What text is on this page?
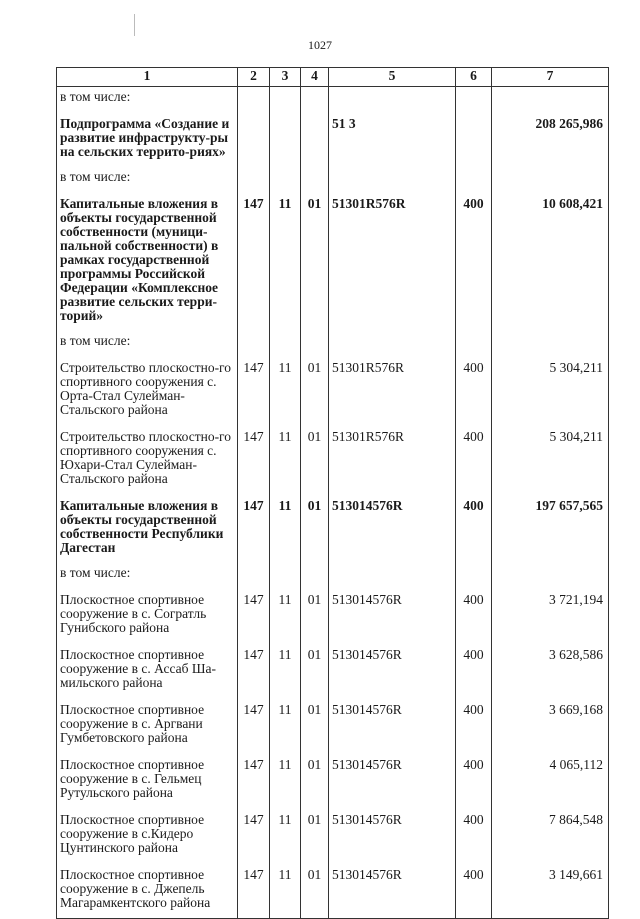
1027
1	2	3	4	5	6	7
в том числе:						
Подпрограмма «Создание и развитие инфраструкту-ры на сельских террито-риях»				51 3		208 265,986
в том числе:						
Капитальные вложения в объекты государственной собственности (муници-пальной собственности) в рамках государственной программы Российской Федерации «Комплексное развитие сельских терри-торий»	147	11	01	51301R576R	400	10 608,421
в том числе:						
Строительство плоскостно-го спортивного сооружения с. Орта-Стал Сулейман-Стальского района	147	11	01	51301R576R	400	5 304,211
Строительство плоскостно-го спортивного сооружения с. Юхари-Стал Сулейман-Стальского района	147	11	01	51301R576R	400	5 304,211
Капитальные вложения в объекты государственной собственности Республики Дагестан	147	11	01	513014576R	400	197 657,565
в том числе:						
Плоскостное спортивное сооружение в с. Согратль Гунибского района	147	11	01	513014576R	400	3 721,194
Плоскостное спортивное сооружение в с. Ассаб Ша-мильского района	147	11	01	513014576R	400	3 628,586
Плоскостное спортивное сооружение в с. Аргвани Гумбетовского района	147	11	01	513014576R	400	3 669,168
Плоскостное спортивное сооружение в с. Гельмец Рутульского района	147	11	01	513014576R	400	4 065,112
Плоскостное спортивное сооружение в с.Кидеро Цунтинского района	147	11	01	513014576R	400	7 864,548
Плоскостное спортивное сооружение в с. Джепель Магарамкентского района	147	11	01	513014576R	400	3 149,661
